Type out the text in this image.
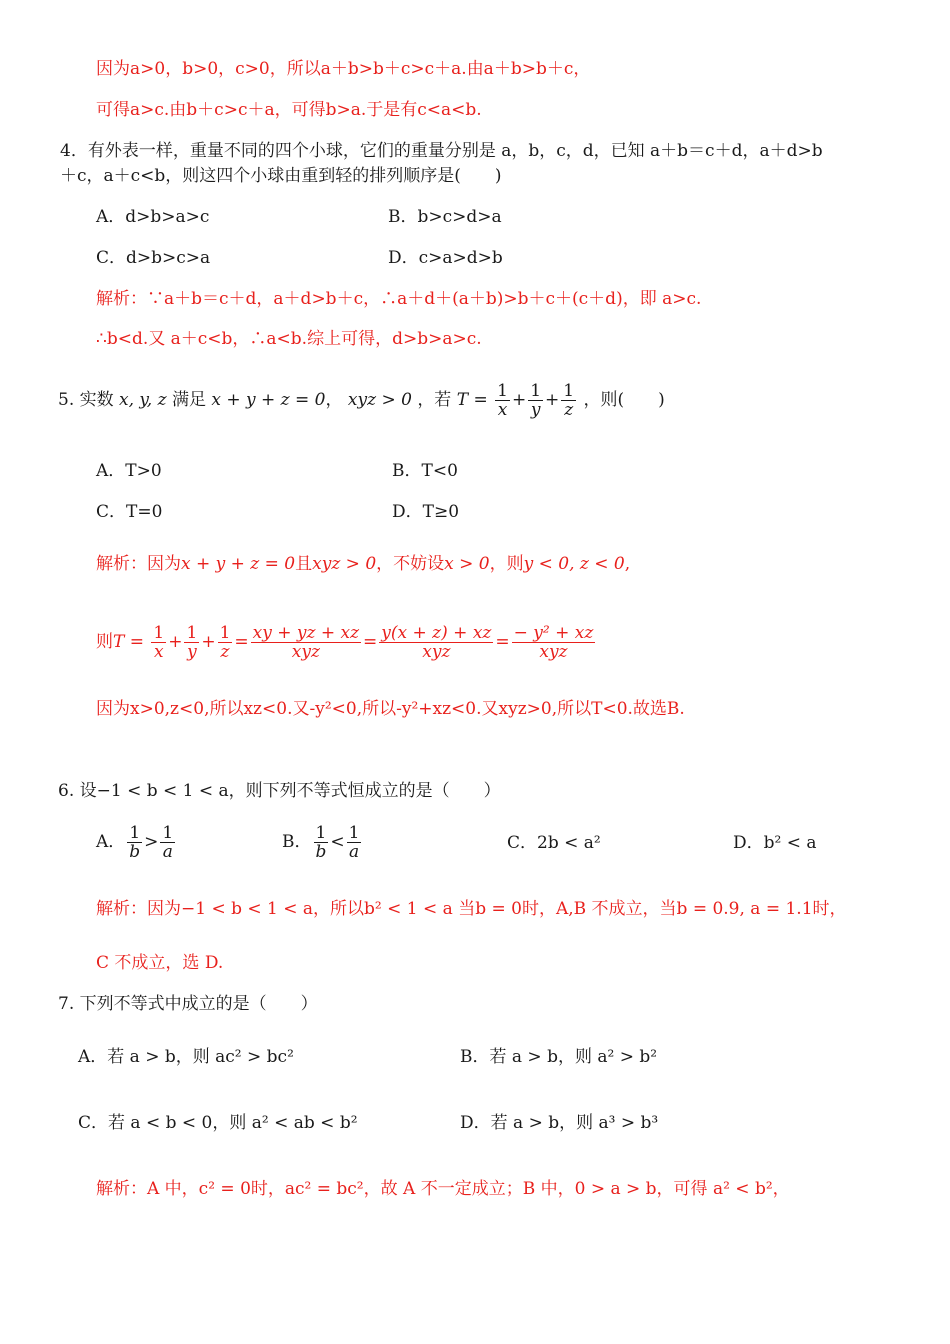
因为a>0，b>0，c>0，所以a＋b>b＋c>c＋a.由a＋b>b＋c，
可得a>c.由b＋c>c＋a，可得b>a.于是有c<a<b.
4．有外表一样，重量不同的四个小球，它们的重量分别是 a，b，c，d，已知 a＋b＝c＋d，a＋d>b
＋c，a＋c<b，则这四个小球由重到轻的排列顺序是(　　)
A．d>b>a>c	B．b>c>d>a
C．d>b>c>a	D．c>a>d>b
解析：∵a＋b＝c＋d，a＋d>b＋c，∴a＋d＋(a＋b)>b＋c＋(c＋d)，即 a>c.
∴b<d.又 a＋c<b，∴a<b.综上可得，d>b>a>c.
5. 实数 x, y, z 满足 x + y + z = 0， xyz > 0 ，若 $T = \frac{1}{x} + \frac{1}{y} + \frac{1}{z}$ ，则(　　)
A．T>0	B．T<0
C．T=0	D．T≥0
解析：因为x + y + z = 0且xyz > 0，不妨设x > 0，则y < 0, z < 0,
则$T = \frac{1}{x} + \frac{1}{y} + \frac{1}{z} = \frac{xy + yz + xz}{\text{xyz}} = \frac{y(x + z) + xz}{\text{xyz}} = \frac{\text{− y² + xz}}{\text{xyz}}$
因为x>0,z<0,所以xz<0.又-y²<0,所以-y²+xz<0.又xyz>0,所以T<0.故选B.
6. 设−1 < b < 1 < a，则下列不等式恒成立的是（　　）
A． $\frac{1}{b} > \frac{1}{a}$	B． $\frac{1}{b} < \frac{1}{a}$	C．2b < a²	D．b² < a
解析：因为−1 < b < 1 < a，所以b² < 1 < a 当b = 0时，A,B 不成立，当b = 0.9, a = 1.1时，
C 不成立，选 D.
7. 下列不等式中成立的是（　　）
A．若 a > b，则 ac² > bc²	B．若 a > b，则 a² > b²
C．若 a < b < 0，则 a² < ab < b²	D．若 a > b，则 a³ > b³
解析：A 中，c² = 0时，ac² = bc²，故 A 不一定成立；B 中，0 > a > b，可得 a² < b²，
